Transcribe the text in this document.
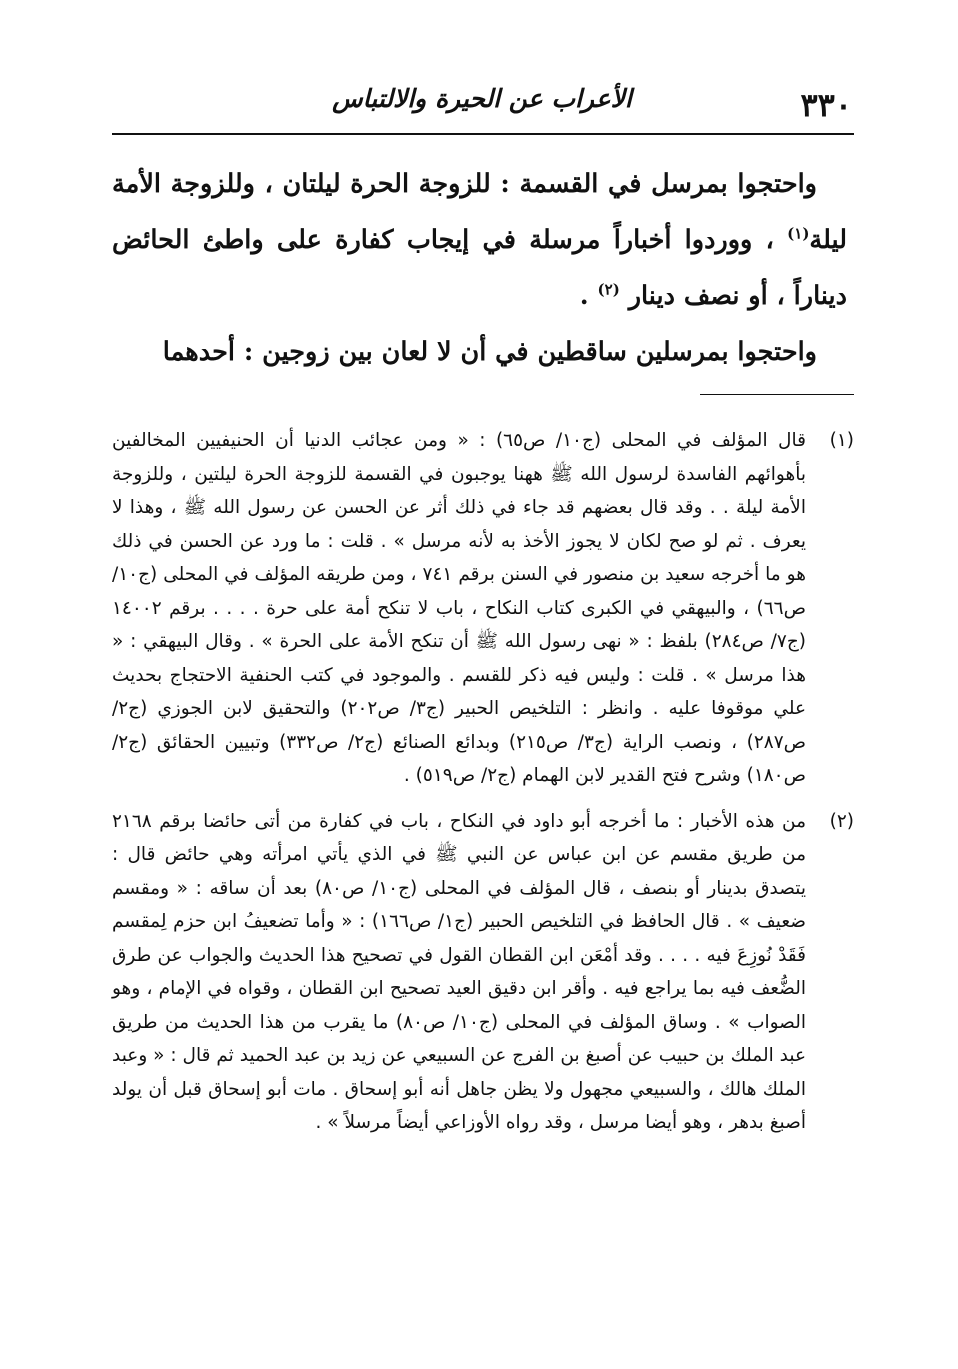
٣٣٠
الأعراب عن الحيرة والالتباس

واحتجوا بمرسل في القسمة : للزوجة الحرة ليلتان ، وللزوجة الأمة ليلة$^{(١)}$ ، ووردوا أخباراً مرسلة في إيجاب كفارة على واطئ الحائض ديناراً ، أو نصف دينار $^{(٢)}$ .

واحتجوا بمرسلين ساقطين في أن لا لعان بين زوجين : أحدهما

(١)
قال المؤلف في المحلى (ج١٠/ ص٦٥) : « ومن عجائب الدنيا أن الحنيفيين المخالفين بأهوائهم الفاسدة لرسول الله ﷺ ههنا يوجبون في القسمة للزوجة الحرة ليلتين ، وللزوجة الأمة ليلة . . وقد قال بعضهم قد جاء في ذلك أثر عن الحسن عن رسول الله ﷺ ، وهذا لا يعرف . ثم لو صح لكان لا يجوز الأخذ به لأنه مرسل » . قلت : ما ورد عن الحسن في ذلك هو ما أخرجه سعيد بن منصور في السنن برقم ٧٤١ ، ومن طريقه المؤلف في المحلى (ج١٠/ ص٦٦) ، والبيهقي في الكبرى كتاب النكاح ، باب لا تنكح أمة على حرة . . . . برقم ١٤٠٠٢ (ج٧/ ص٢٨٤) بلفظ : « نهى رسول الله ﷺ أن تنكح الأمة على الحرة » . وقال البيهقي : « هذا مرسل » . قلت : وليس فيه ذكر للقسم . والموجود في كتب الحنفية الاحتجاج بحديث علي موقوفا عليه . وانظر : التلخيص الحبير (ج٣/ ص٢٠٢) والتحقيق لابن الجوزي (ج٢/ ص٢٨٧) ، ونصب الراية (ج٣/ ص٢١٥) وبدائع الصنائع (ج٢/ ص٣٣٢) وتبيين الحقائق (ج٢/ ص١٨٠) وشرح فتح القدير لابن الهمام (ج٢/ ص٥١٩) .
(٢)
من هذه الأخبار : ما أخرجه أبو داود في النكاح ، باب في كفارة من أتى حائضا برقم ٢١٦٨ من طريق مقسم عن ابن عباس عن النبي ﷺ في الذي يأتي امرأته وهي حائض قال : يتصدق بدينار أو بنصف ، قال المؤلف في المحلى (ج١٠/ ص٨٠) بعد أن ساقه : « ومقسم ضعيف » . قال الحافظ في التلخيص الحبير (ج١/ ص١٦٦) : « وأما تضعيفُ ابن حزم لِمقسم فَقَدْ نُوزِعَ فيه . . . . وقد أمْعَن ابن القطان القول في تصحيح هذا الحديث والجواب عن طرق الضُّعف فيه بما يراجع فيه . وأقر ابن دقيق العيد تصحيح ابن القطان ، وقواه في الإمام ، وهو الصواب » . وساق المؤلف في المحلى (ج١٠/ ص٨٠) ما يقرب من هذا الحديث من طريق عبد الملك بن حبيب عن أصبغ بن الفرج عن السبيعي عن زيد بن عبد الحميد ثم قال : « وعبد الملك هالك ، والسبيعي مجهول ولا يظن جاهل أنه أبو إسحاق . مات أبو إسحاق قبل أن يولد أصبغ بدهر ، وهو أيضا مرسل ، وقد رواه الأوزاعي أيضاً مرسلاً » .
